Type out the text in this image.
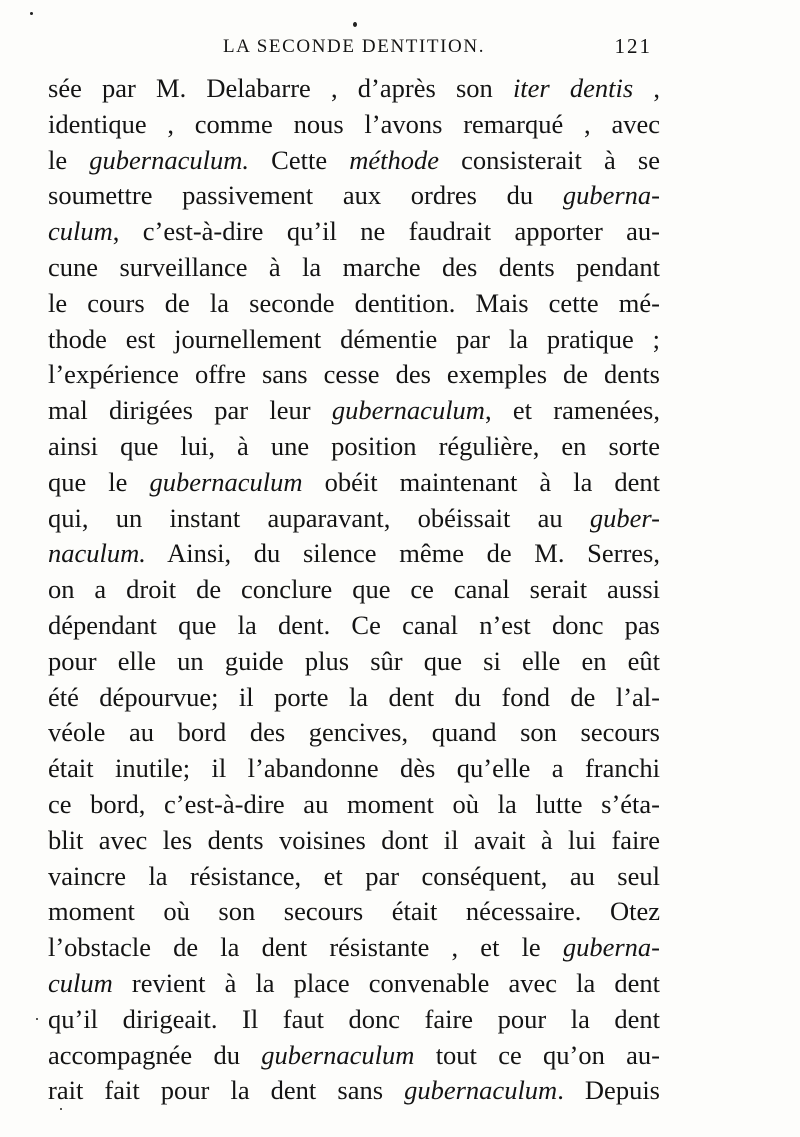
LA SECONDE DENTITION.	121
sée par M. Delabarre , d’après son iter dentis ,
identique , comme nous l’avons remarqué , avec
le gubernaculum. Cette méthode consisterait à se
soumettre passivement aux ordres du guberna-
culum, c’est-à-dire qu’il ne faudrait apporter au-
cune surveillance à la marche des dents pendant
le cours de la seconde dentition. Mais cette mé-
thode est journellement démentie par la pratique ;
l’expérience offre sans cesse des exemples de dents
mal dirigées par leur gubernaculum, et ramenées,
ainsi que lui, à une position régulière, en sorte
que le gubernaculum obéit maintenant à la dent
qui, un instant auparavant, obéissait au guber-
naculum. Ainsi, du silence même de M. Serres,
on a droit de conclure que ce canal serait aussi
dépendant que la dent. Ce canal n’est donc pas
pour elle un guide plus sûr que si elle en eût
été dépourvue; il porte la dent du fond de l’al-
véole au bord des gencives, quand son secours
était inutile; il l’abandonne dès qu’elle a franchi
ce bord, c’est-à-dire au moment où la lutte s’éta-
blit avec les dents voisines dont il avait à lui faire
vaincre la résistance, et par conséquent, au seul
moment où son secours était nécessaire. Otez
l’obstacle de la dent résistante , et le guberna-
culum revient à la place convenable avec la dent
qu’il dirigeait. Il faut donc faire pour la dent
accompagnée du gubernaculum tout ce qu’on au-
rait fait pour la dent sans gubernaculum. Depuis
